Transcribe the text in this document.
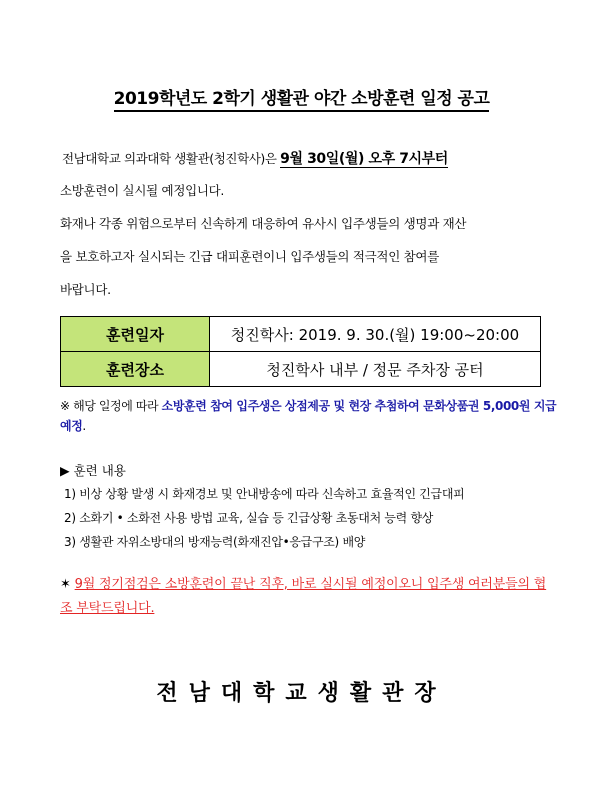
2019학년도 2학기 생활관 야간 소방훈련 일정 공고
전남대학교 의과대학 생활관(청진학사)은 9월 30일(월) 오후 7시부터
소방훈련이 실시될 예정입니다.
화재나 각종 위험으로부터 신속하게 대응하여 유사시 입주생들의 생명과 재산
을 보호하고자 실시되는 긴급 대피훈련이니 입주생들의 적극적인 참여를
바랍니다.
훈련일자	청진학사: 2019. 9. 30.(월) 19:00~20:00
훈련장소	청진학사 내부 / 정문 주차장 공터
※ 해당 일정에 따라 소방훈련 참여 입주생은 상점제공 및 현장 추첨하여 문화상품권 5,000원 지급 예정.
▶ 훈련 내용
1) 비상 상황 발생 시 화재경보 및 안내방송에 따라 신속하고 효율적인 긴급대피
2) 소화기 • 소화전 사용 방법 교육, 실습 등 긴급상황 초동대처 능력 향상
3) 생활관 자위소방대의 방재능력(화재진압•응급구조) 배양
✶ 9월 정기점검은 소방훈련이 끝난 직후, 바로 실시될 예정이오니 입주생 여러분들의 협조 부탁드립니다.
전남대학교생활관장
